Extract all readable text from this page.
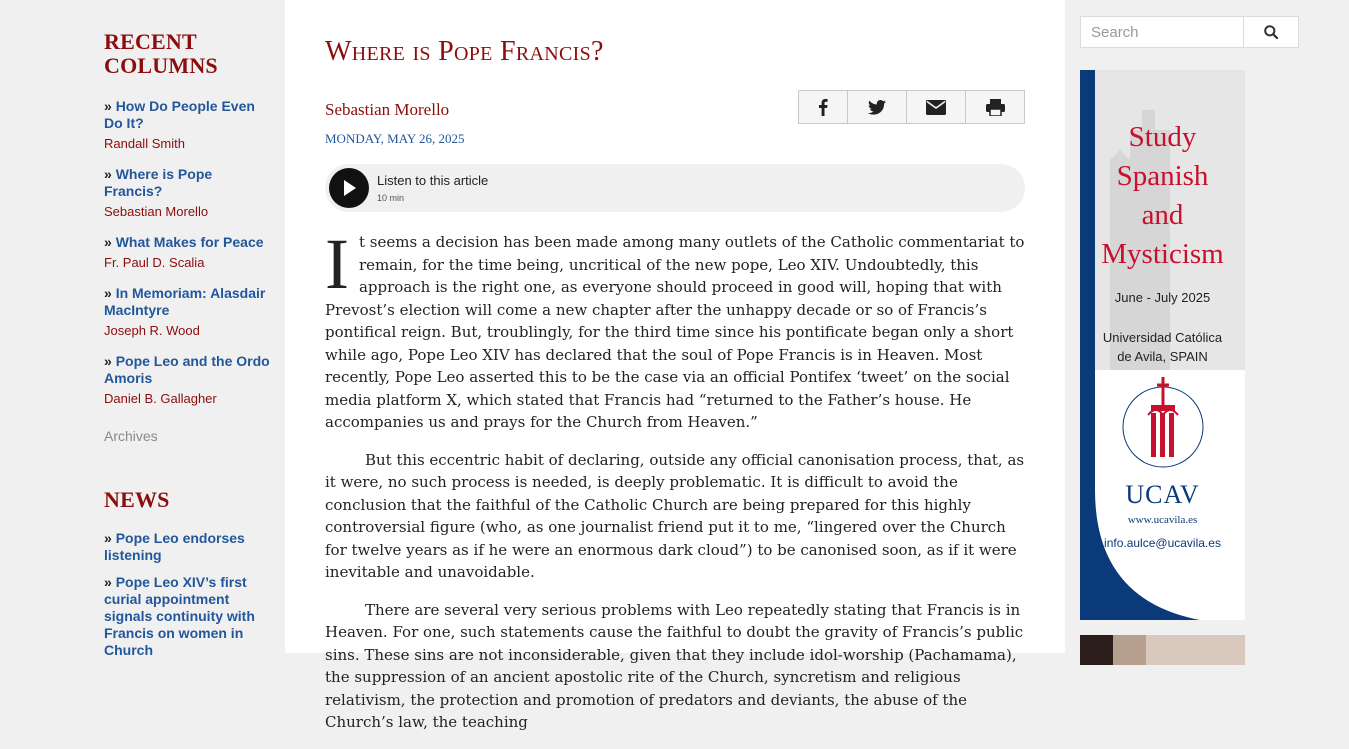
RECENT COLUMNS
» How Do People Even Do It?
Randall Smith
» Where is Pope Francis?
Sebastian Morello
» What Makes for Peace
Fr. Paul D. Scalia
» In Memoriam: Alasdair MacIntyre
Joseph R. Wood
» Pope Leo and the Ordo Amoris
Daniel B. Gallagher
Archives
NEWS
» Pope Leo endorses listening
» Pope Leo XIV’s first curial appointment signals continuity with Francis on women in Church
Where is Pope Francis?
Sebastian Morello
MONDAY, MAY 26, 2025
Listen to this article
10 min

It seems a decision has been made among many outlets of the Catholic commentariat to remain, for the time being, uncritical of the new pope, Leo XIV. Undoubtedly, this approach is the right one, as everyone should proceed in good will, hoping that with Prevost’s election will come a new chapter after the unhappy decade or so of Francis’s pontifical reign. But, troublingly, for the third time since his pontificate began only a short while ago, Pope Leo XIV has declared that the soul of Pope Francis is in Heaven. Most recently, Pope Leo asserted this to be the case via an official Pontifex ‘tweet’ on the social media platform X, which stated that Francis had “returned to the Father’s house. He accompanies us and prays for the Church from Heaven.”

But this eccentric habit of declaring, outside any official canonisation process, that, as it were, no such process is needed, is deeply problematic. It is difficult to avoid the conclusion that the faithful of the Catholic Church are being prepared for this highly controversial figure (who, as one journalist friend put it to me, “lingered over the Church for twelve years as if he were an enormous dark cloud”) to be canonised soon, as if it were inevitable and unavoidable.

There are several very serious problems with Leo repeatedly stating that Francis is in Heaven. For one, such statements cause the faithful to doubt the gravity of Francis’s public sins. These sins are not inconsiderable, given that they include idol-worship (Pachamama), the suppression of an ancient apostolic rite of the Church, syncretism and religious relativism, the protection and promotion of predators and deviants, the abuse of the Church’s law, the teaching

Search
Study
Spanish
and
Mysticism
June - July 2025
Universidad Católica
de Avila, SPAIN
UCAV
www.ucavila.es
info.aulce@ucavila.es
